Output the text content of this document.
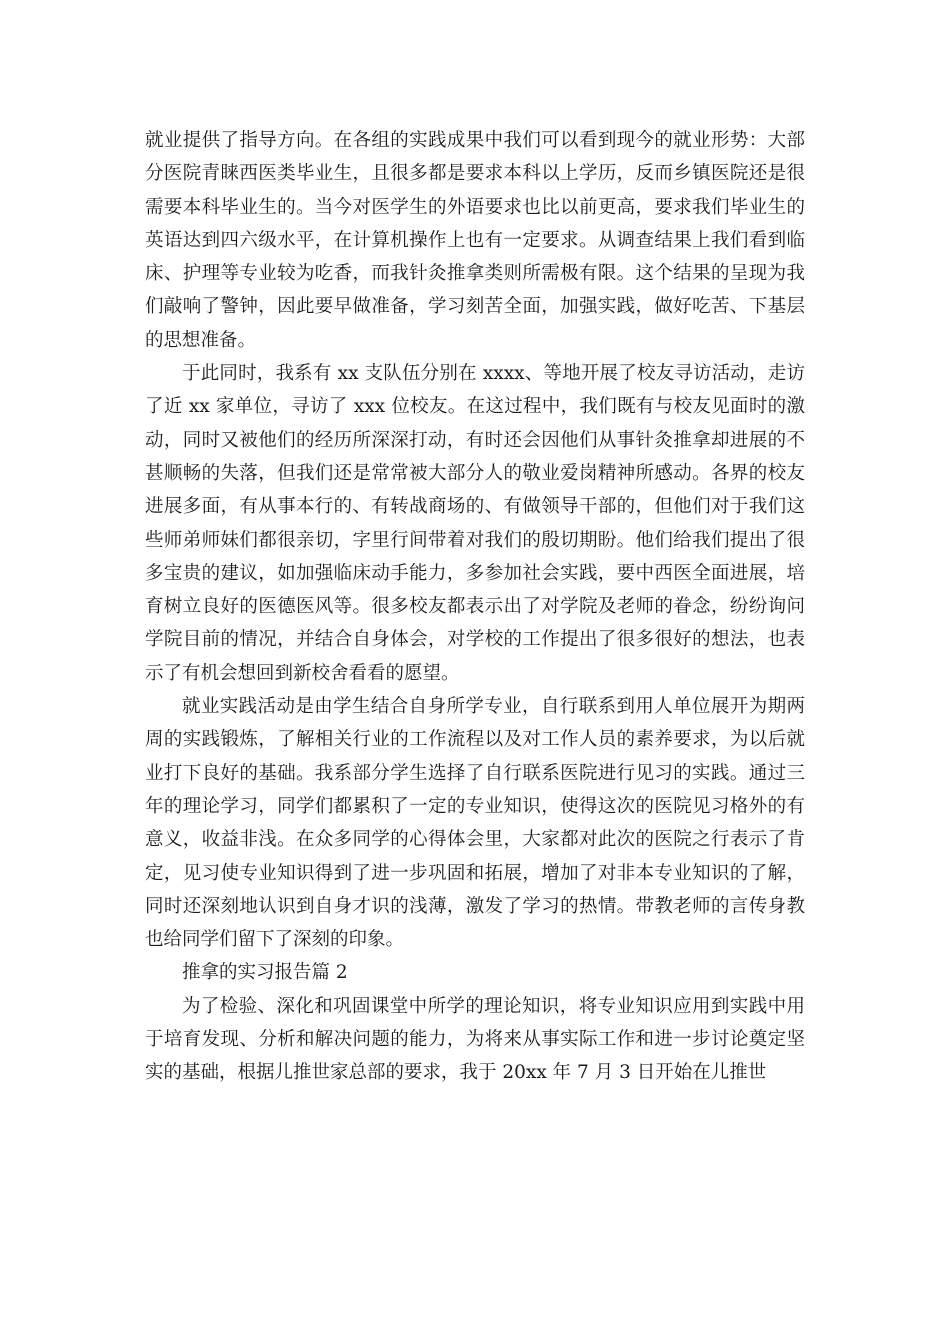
就业提供了指导方向。在各组的实践成果中我们可以看到现今的就业形势：大部分医院青睐西医类毕业生，且很多都是要求本科以上学历，反而乡镇医院还是很需要本科毕业生的。当今对医学生的外语要求也比以前更高，要求我们毕业生的英语达到四六级水平，在计算机操作上也有一定要求。从调查结果上我们看到临床、护理等专业较为吃香，而我针灸推拿类则所需极有限。这个结果的呈现为我们敲响了警钟，因此要早做准备，学习刻苦全面，加强实践，做好吃苦、下基层的思想准备。

于此同时，我系有 xx 支队伍分别在 xxxx、等地开展了校友寻访活动，走访了近 xx 家单位，寻访了 xxx 位校友。在这过程中，我们既有与校友见面时的激动，同时又被他们的经历所深深打动，有时还会因他们从事针灸推拿却进展的不甚顺畅的失落，但我们还是常常被大部分人的敬业爱岗精神所感动。各界的校友进展多面，有从事本行的、有转战商场的、有做领导干部的，但他们对于我们这些师弟师妹们都很亲切，字里行间带着对我们的殷切期盼。他们给我们提出了很多宝贵的建议，如加强临床动手能力，多参加社会实践，要中西医全面进展，培育树立良好的医德医风等。很多校友都表示出了对学院及老师的眷念，纷纷询问学院目前的情况，并结合自身体会，对学校的工作提出了很多很好的想法，也表示了有机会想回到新校舍看看的愿望。

就业实践活动是由学生结合自身所学专业，自行联系到用人单位展开为期两周的实践锻炼，了解相关行业的工作流程以及对工作人员的素养要求，为以后就业打下良好的基础。我系部分学生选择了自行联系医院进行见习的实践。通过三年的理论学习，同学们都累积了一定的专业知识，使得这次的医院见习格外的有意义，收益非浅。在众多同学的心得体会里，大家都对此次的医院之行表示了肯定，见习使专业知识得到了进一步巩固和拓展，增加了对非本专业知识的了解，同时还深刻地认识到自身才识的浅薄，激发了学习的热情。带教老师的言传身教也给同学们留下了深刻的印象。

推拿的实习报告篇 2

为了检验、深化和巩固课堂中所学的理论知识，将专业知识应用到实践中用于培育发现、分析和解决问题的能力，为将来从事实际工作和进一步讨论奠定坚实的基础，根据儿推世家总部的要求，我于 20xx 年 7 月 3 日开始在儿推世
